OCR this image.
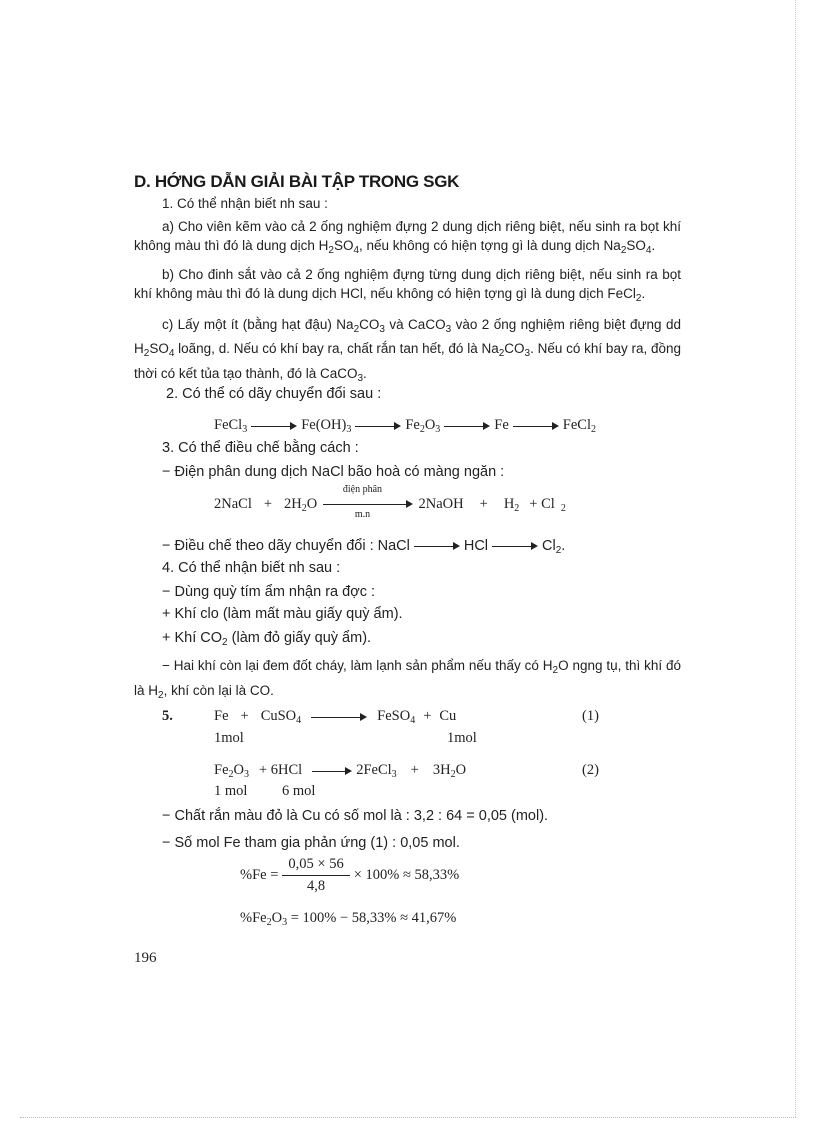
D. HỚNG DẪN GIẢI BÀI TẬP TRONG SGK

1. Có thể nhận biết nh sau :

a) Cho viên kẽm vào cả 2 ống nghiệm đựng 2 dung dịch riêng biệt, nếu sinh ra bọt khí không màu thì đó là dung dịch $H_2SO_4$, nếu không có hiện tợng gì là dung dịch $Na_2SO_4$.

b) Cho đinh sắt vào cả 2 ống nghiệm đựng từng dung dịch riêng biệt, nếu sinh ra bọt khí không màu thì đó là dung dịch HCl, nếu không có hiện tợng gì là dung dịch FeCl$_2$.

c) Lấy một ít (bằng hạt đậu) $Na_2CO_3$ và CaCO$_3$ vào 2 ống nghiệm riêng biệt đựng dd $H_2SO_4$ loãng, d. Nếu có khí bay ra, chất rắn tan hết, đó là $Na_2CO_3$. Nếu có khí bay ra, đồng thời có kết tủa tạo thành, đó là CaCO$_3$.

2. Có thể có dãy chuyển đổi sau :
FeCl$_3$	$Fe(OH)_3$	$Fe_2O_3$	Fe	FeCl$_2$
3. Có thể điều chế bằng cách :
− Điện phân dung dịch NaCl bão hoà có màng ngăn :
2NaCl + $2H_2O$
điện phân
m.n
2NaOH + $H_2 + Cl$ $_2$
− Điều chế theo dãy chuyển đổi : NaCl	HCl	$Cl_2$.
4. Có thể nhận biết nh sau :
− Dùng quỳ tím ẩm nhận ra đợc :
+ Khí clo (làm mất màu giấy quỳ ẩm).
+ Khí $CO_2$ (làm đỏ giấy quỳ ẩm).

− Hai khí còn lại đem đốt cháy, làm lạnh sản phẩm nếu thấy có $H_2O$ ngng tụ, thì khí đó là $H_2$, khí còn lại là CO.

5.	Fe + CuSO$_4$	FeSO$_4$ + Cu	(1)
1mol	1mol
$Fe_2O_3 + 6HCl$	2FeCl$_3$ + $3H_2O$	(2)
1 mol 6 mol
− Chất rắn màu đỏ là Cu có số mol là : 3,2 : 64 = 0,05 (mol).
− Số mol Fe tham gia phản ứng (1) : 0,05 mol.
$\%Fe = \frac{0,05 \times 56}{4,8} \times 100\% \approx 58,33\%$
$\%Fe_2O_3 = 100\% - 58,33\% \approx 41,67\%$
196
